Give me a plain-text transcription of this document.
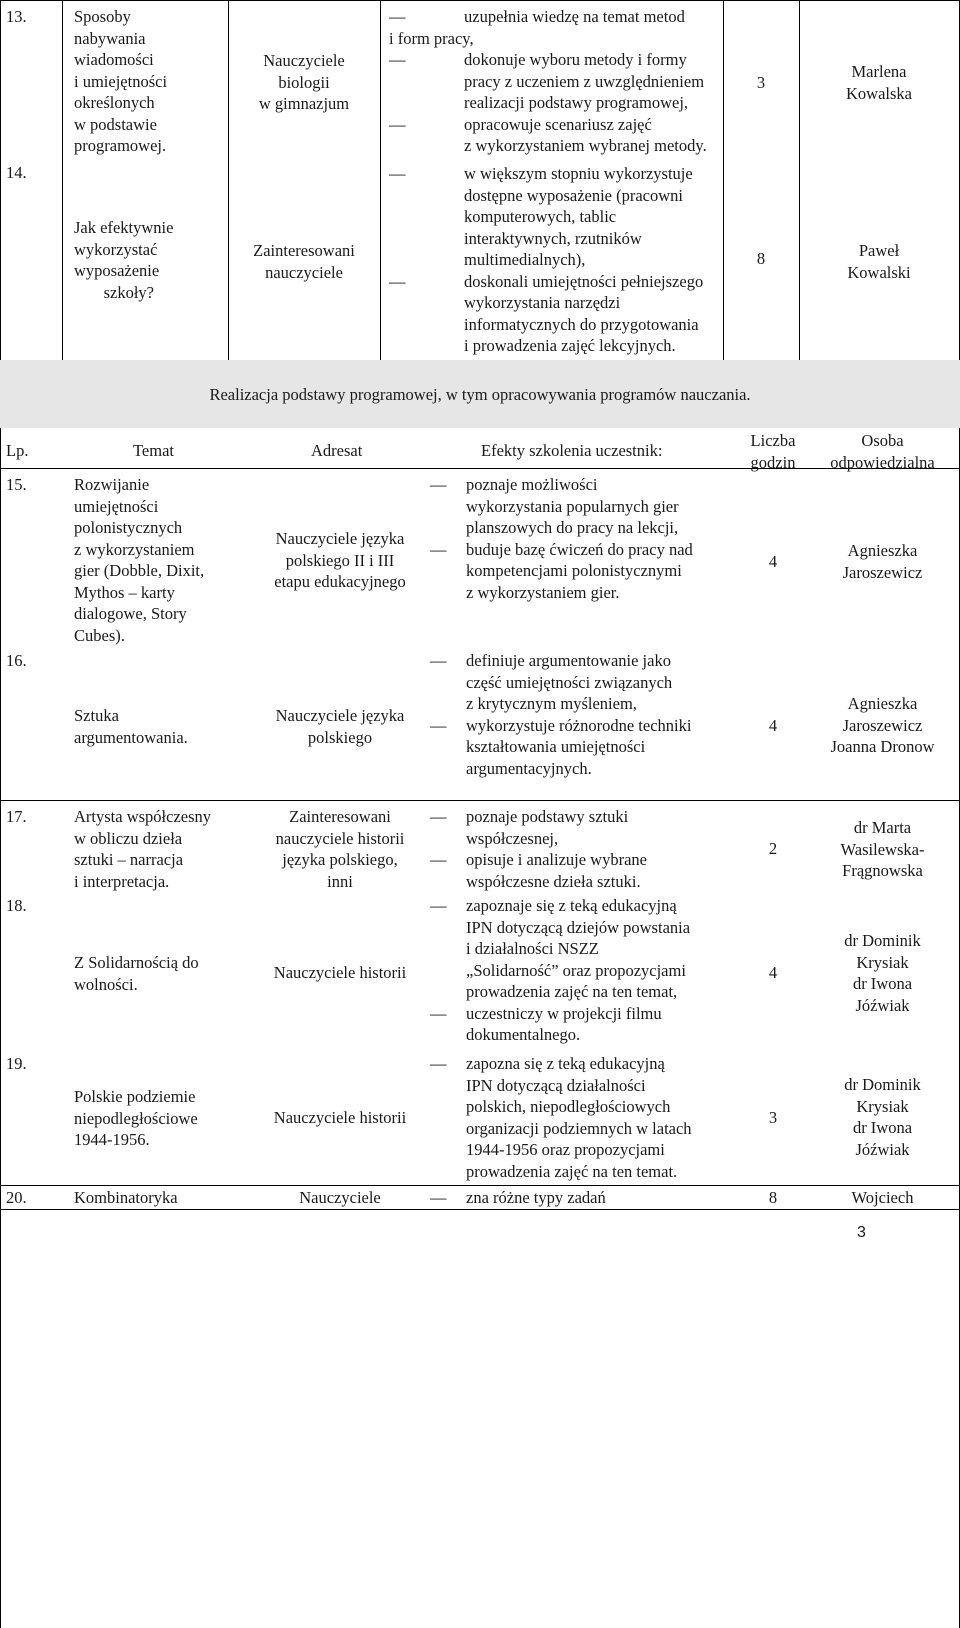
13.	Sposoby
nabywania
wiadomości
i umiejętności
określonych
w podstawie
programowej.
Nauczyciele
biologii
w gimnazjum
— uzupełnia wiedzę na temat metod
i form pracy,
— dokonuje wyboru metody i formy
pracy z uczeniem z uwzględnieniem
realizacji podstawy programowej,
— opracowuje scenariusz zajęć
z wykorzystaniem wybranej metody.
3
Marlena
Kowalska
14.
Jak efektywnie
wykorzystać
wyposażenie
szkoły?
Zainteresowani
nauczyciele
— w większym stopniu wykorzystuje
dostępne wyposażenie (pracowni
komputerowych, tablic
interaktywnych, rzutników
multimedialnych),
— doskonali umiejętności pełniejszego
wykorzystania narzędzi
informatycznych do przygotowania
i prowadzenia zajęć lekcyjnych.
8	Paweł
Kowalski
Realizacja podstawy programowej, w tym opracowywania programów nauczania.
Lp.	Temat	Adresat	Efekty szkolenia uczestnik:
Liczba
godzin
Osoba
odpowiedzialna
15.	Rozwijanie
umiejętności
polonistycznych
z wykorzystaniem
gier (Dobble, Dixit,
Mythos – karty
dialogowe, Story
Cubes).
Nauczyciele języka
polskiego II i III
etapu edukacyjnego
— poznaje możliwości
wykorzystania popularnych gier
planszowych do pracy na lekcji,
— buduje bazę ćwiczeń do pracy nad
kompetencjami polonistycznymi
z wykorzystaniem gier.
4
Agnieszka
Jaroszewicz
16.
Sztuka
argumentowania.
Nauczyciele języka
polskiego
— definiuje argumentowanie jako
część umiejętności związanych
z krytycznym myśleniem,
— wykorzystuje różnorodne techniki
kształtowania umiejętności
argumentacyjnych.
4
Agnieszka
Jaroszewicz
Joanna Dronow
17.	Artysta współczesny
w obliczu dzieła
sztuki – narracja
i interpretacja.
Zainteresowani
nauczyciele historii
języka polskiego,
inni
— poznaje podstawy sztuki
współczesnej,
— opisuje i analizuje wybrane
współczesne dzieła sztuki.
2
dr Marta
Wasilewska-
Frągnowska
18.
Z Solidarnością do
wolności.
Nauczyciele historii
— zapoznaje się z teką edukacyjną
IPN dotyczącą dziejów powstania
i działalności NSZZ
„Solidarność” oraz propozycjami
prowadzenia zajęć na ten temat,
— uczestniczy w projekcji filmu
dokumentalnego.
4
dr Dominik
Krysiak
dr Iwona
Jóźwiak
19.
Polskie podziemie
niepodległościowe
1944-1956.
Nauczyciele historii
— zapozna się z teką edukacyjną
IPN dotyczącą działalności
polskich, niepodległościowych
organizacji podziemnych w latach
1944-1956 oraz propozycjami
prowadzenia zajęć na ten temat.
3
dr Dominik
Krysiak
dr Iwona
Jóźwiak
20.	Kombinatoryka	Nauczyciele
—	zna różne typy zadań	8	Wojciech
3
